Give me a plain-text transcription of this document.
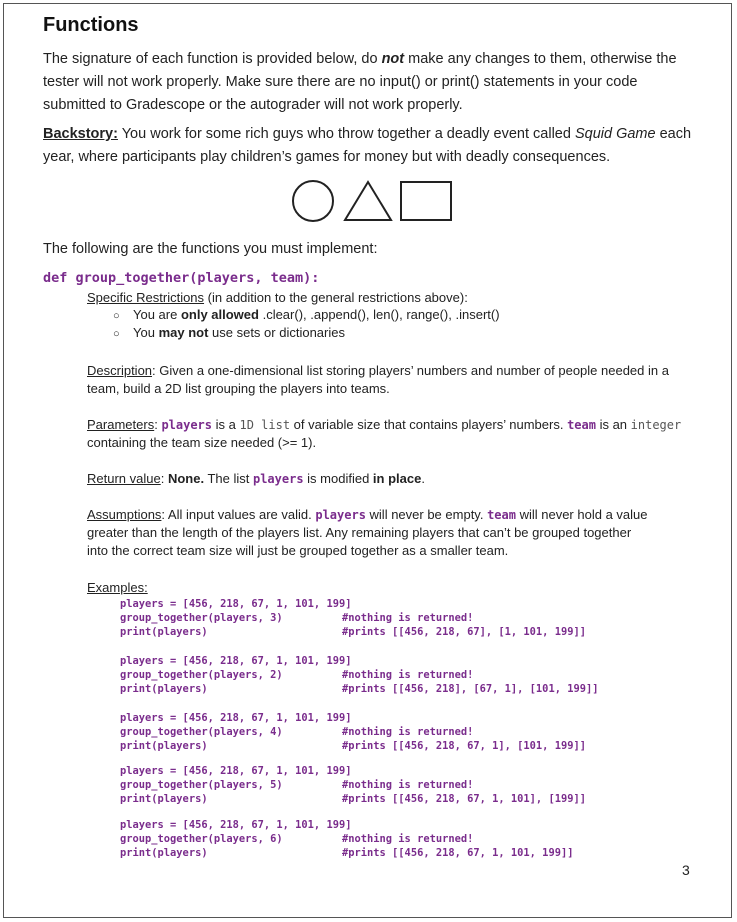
Functions
The signature of each function is provided below, do not make any changes to them, otherwise the tester will not work properly. Make sure there are no input() or print() statements in your code submitted to Gradescope or the autograder will not work properly.
Backstory: You work for some rich guys who throw together a deadly event called Squid Game each year, where participants play children’s games for money but with deadly consequences.
The following are the functions you must implement:
def group_together(players, team):
Specific Restrictions (in addition to the general restrictions above):
○ You are only allowed .clear(), .append(), len(), range(), .insert()
○ You may not use sets or dictionaries
Description: Given a one-dimensional list storing players’ numbers and number of people needed in a team, build a 2D list grouping the players into teams.
Parameters: players is a 1D list of variable size that contains players’ numbers. team is an integer containing the team size needed (>= 1).
Return value: None. The list players is modified in place.
Assumptions: All input values are valid. players will never be empty. team will never hold a value
greater than the length of the players list. Any remaining players that can’t be grouped together
into the correct team size will just be grouped together as a smaller team.
Examples:
players = [456, 218, 67, 1, 101, 199]
group_together(players, 3)
print(players)
#nothing is returned!
#prints [[456, 218, 67], [1, 101, 199]]
players = [456, 218, 67, 1, 101, 199]
group_together(players, 2)
print(players)
#nothing is returned!
#prints [[456, 218], [67, 1], [101, 199]]
players = [456, 218, 67, 1, 101, 199]
group_together(players, 4)
print(players)
#nothing is returned!
#prints [[456, 218, 67, 1], [101, 199]]
players = [456, 218, 67, 1, 101, 199]
group_together(players, 5)
print(players)
#nothing is returned!
#prints [[456, 218, 67, 1, 101], [199]]
players = [456, 218, 67, 1, 101, 199]
group_together(players, 6)
print(players)
#nothing is returned!
#prints [[456, 218, 67, 1, 101, 199]]
3
